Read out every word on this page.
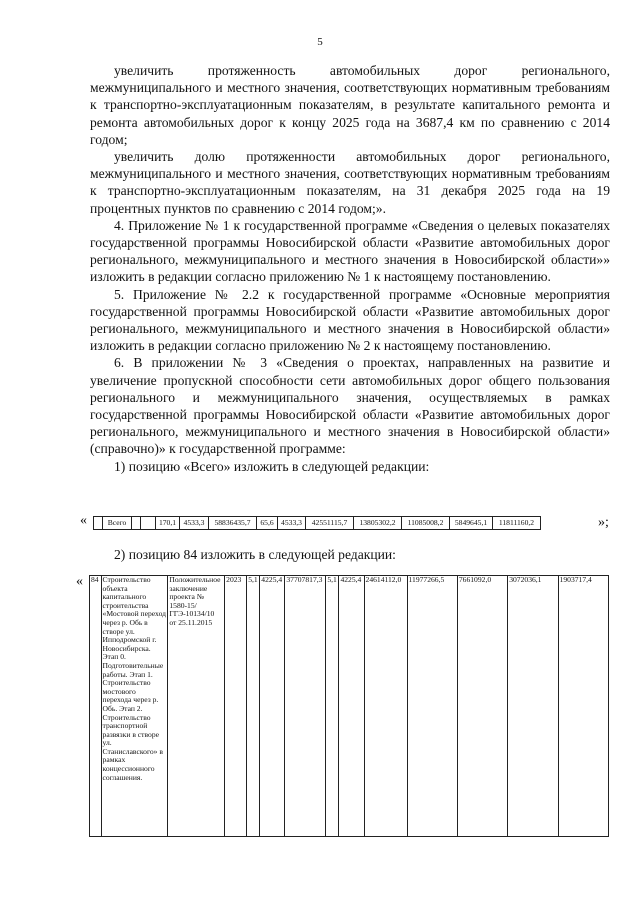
5

увеличить протяженность автомобильных дорог регионального, межмуниципального и местного значения, соответствующих нормативным требованиям к транспортно-эксплуатационным показателям, в результате капитального ремонта и ремонта автомобильных дорог к концу 2025 года на 3687,4 км по сравнению с 2014 годом;

увеличить долю протяженности автомобильных дорог регионального, межмуниципального и местного значения, соответствующих нормативным требованиям к транспортно-эксплуатационным показателям, на 31 декабря 2025 года на 19 процентных пунктов по сравнению с 2014 годом;».

4. Приложение № 1 к государственной программе «Сведения о целевых показателях государственной программы Новосибирской области «Развитие автомобильных дорог регионального, межмуниципального и местного значения в Новосибирской области»» изложить в редакции согласно приложению № 1 к настоящему постановлению.

5. Приложение № 2.2 к государственной программе «Основные мероприятия государственной программы Новосибирской области «Развитие автомобильных дорог регионального, межмуниципального и местного значения в Новосибирской области» изложить в редакции согласно приложению № 2 к настоящему постановлению.

6. В приложении № 3 «Сведения о проектах, направленных на развитие и увеличение пропускной способности сети автомобильных дорог общего пользования регионального и межмуниципального значения, осуществляемых в рамках государственной программы Новосибирской области «Развитие автомобильных дорог регионального, межмуниципального и местного значения в Новосибирской области» (справочно)» к государственной программе:

1) позицию «Всего» изложить в следующей редакции:

«
		Всего			170,1	4533,3	58836435,7	65,6	4533,3	42551115,7	13805302,2	11085008,2	5849645,1	11811160,2	»;
2) позицию 84 изложить в следующей редакции:
« 84	Строительство объекта капитального строительства «Мостовой переход через р. Обь в створе ул. Ипподромской г. Новосибирска. Этап 0. Подготовительные работы. Этап 1. Строительство мостового перехода через р. Обь. Этап 2. Строительство транспортной развязки в створе ул. Станиславского» в рамках концессионного соглашения.	Положительное заключение проекта № 1580-15/ГГЭ-10134/10 от 25.11.2015	2023	5,1	4225,4	37707817,3	5,1	4225,4	24614112,0	11977266,5	7661092,0	3072036,1	1903717,4
